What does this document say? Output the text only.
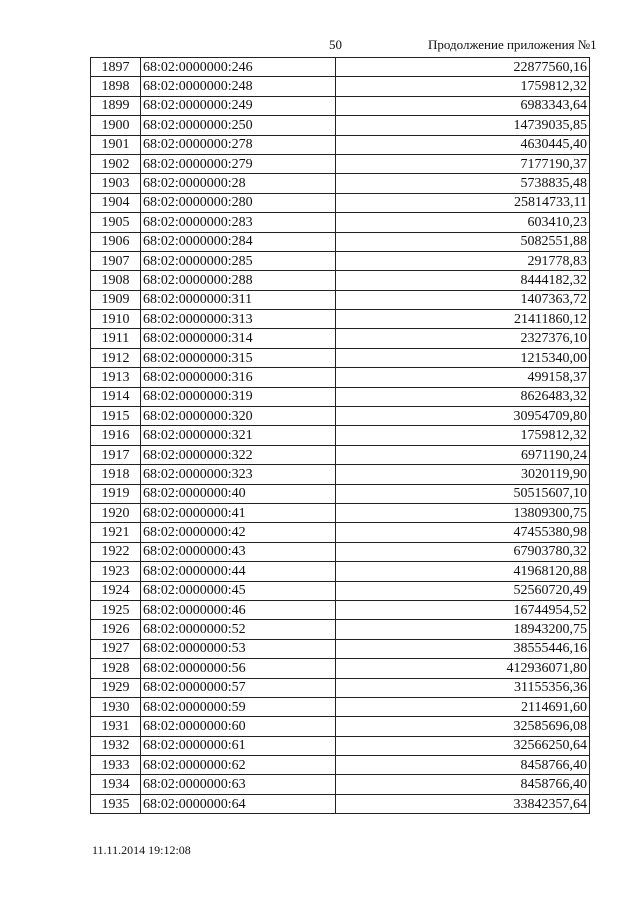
50	Продолжение приложения №1
1897	68:02:0000000:246	22877560,16
1898	68:02:0000000:248	1759812,32
1899	68:02:0000000:249	6983343,64
1900	68:02:0000000:250	14739035,85
1901	68:02:0000000:278	4630445,40
1902	68:02:0000000:279	7177190,37
1903	68:02:0000000:28	5738835,48
1904	68:02:0000000:280	25814733,11
1905	68:02:0000000:283	603410,23
1906	68:02:0000000:284	5082551,88
1907	68:02:0000000:285	291778,83
1908	68:02:0000000:288	8444182,32
1909	68:02:0000000:311	1407363,72
1910	68:02:0000000:313	21411860,12
1911	68:02:0000000:314	2327376,10
1912	68:02:0000000:315	1215340,00
1913	68:02:0000000:316	499158,37
1914	68:02:0000000:319	8626483,32
1915	68:02:0000000:320	30954709,80
1916	68:02:0000000:321	1759812,32
1917	68:02:0000000:322	6971190,24
1918	68:02:0000000:323	3020119,90
1919	68:02:0000000:40	50515607,10
1920	68:02:0000000:41	13809300,75
1921	68:02:0000000:42	47455380,98
1922	68:02:0000000:43	67903780,32
1923	68:02:0000000:44	41968120,88
1924	68:02:0000000:45	52560720,49
1925	68:02:0000000:46	16744954,52
1926	68:02:0000000:52	18943200,75
1927	68:02:0000000:53	38555446,16
1928	68:02:0000000:56	412936071,80
1929	68:02:0000000:57	31155356,36
1930	68:02:0000000:59	2114691,60
1931	68:02:0000000:60	32585696,08
1932	68:02:0000000:61	32566250,64
1933	68:02:0000000:62	8458766,40
1934	68:02:0000000:63	8458766,40
1935	68:02:0000000:64	33842357,64
11.11.2014 19:12:08
